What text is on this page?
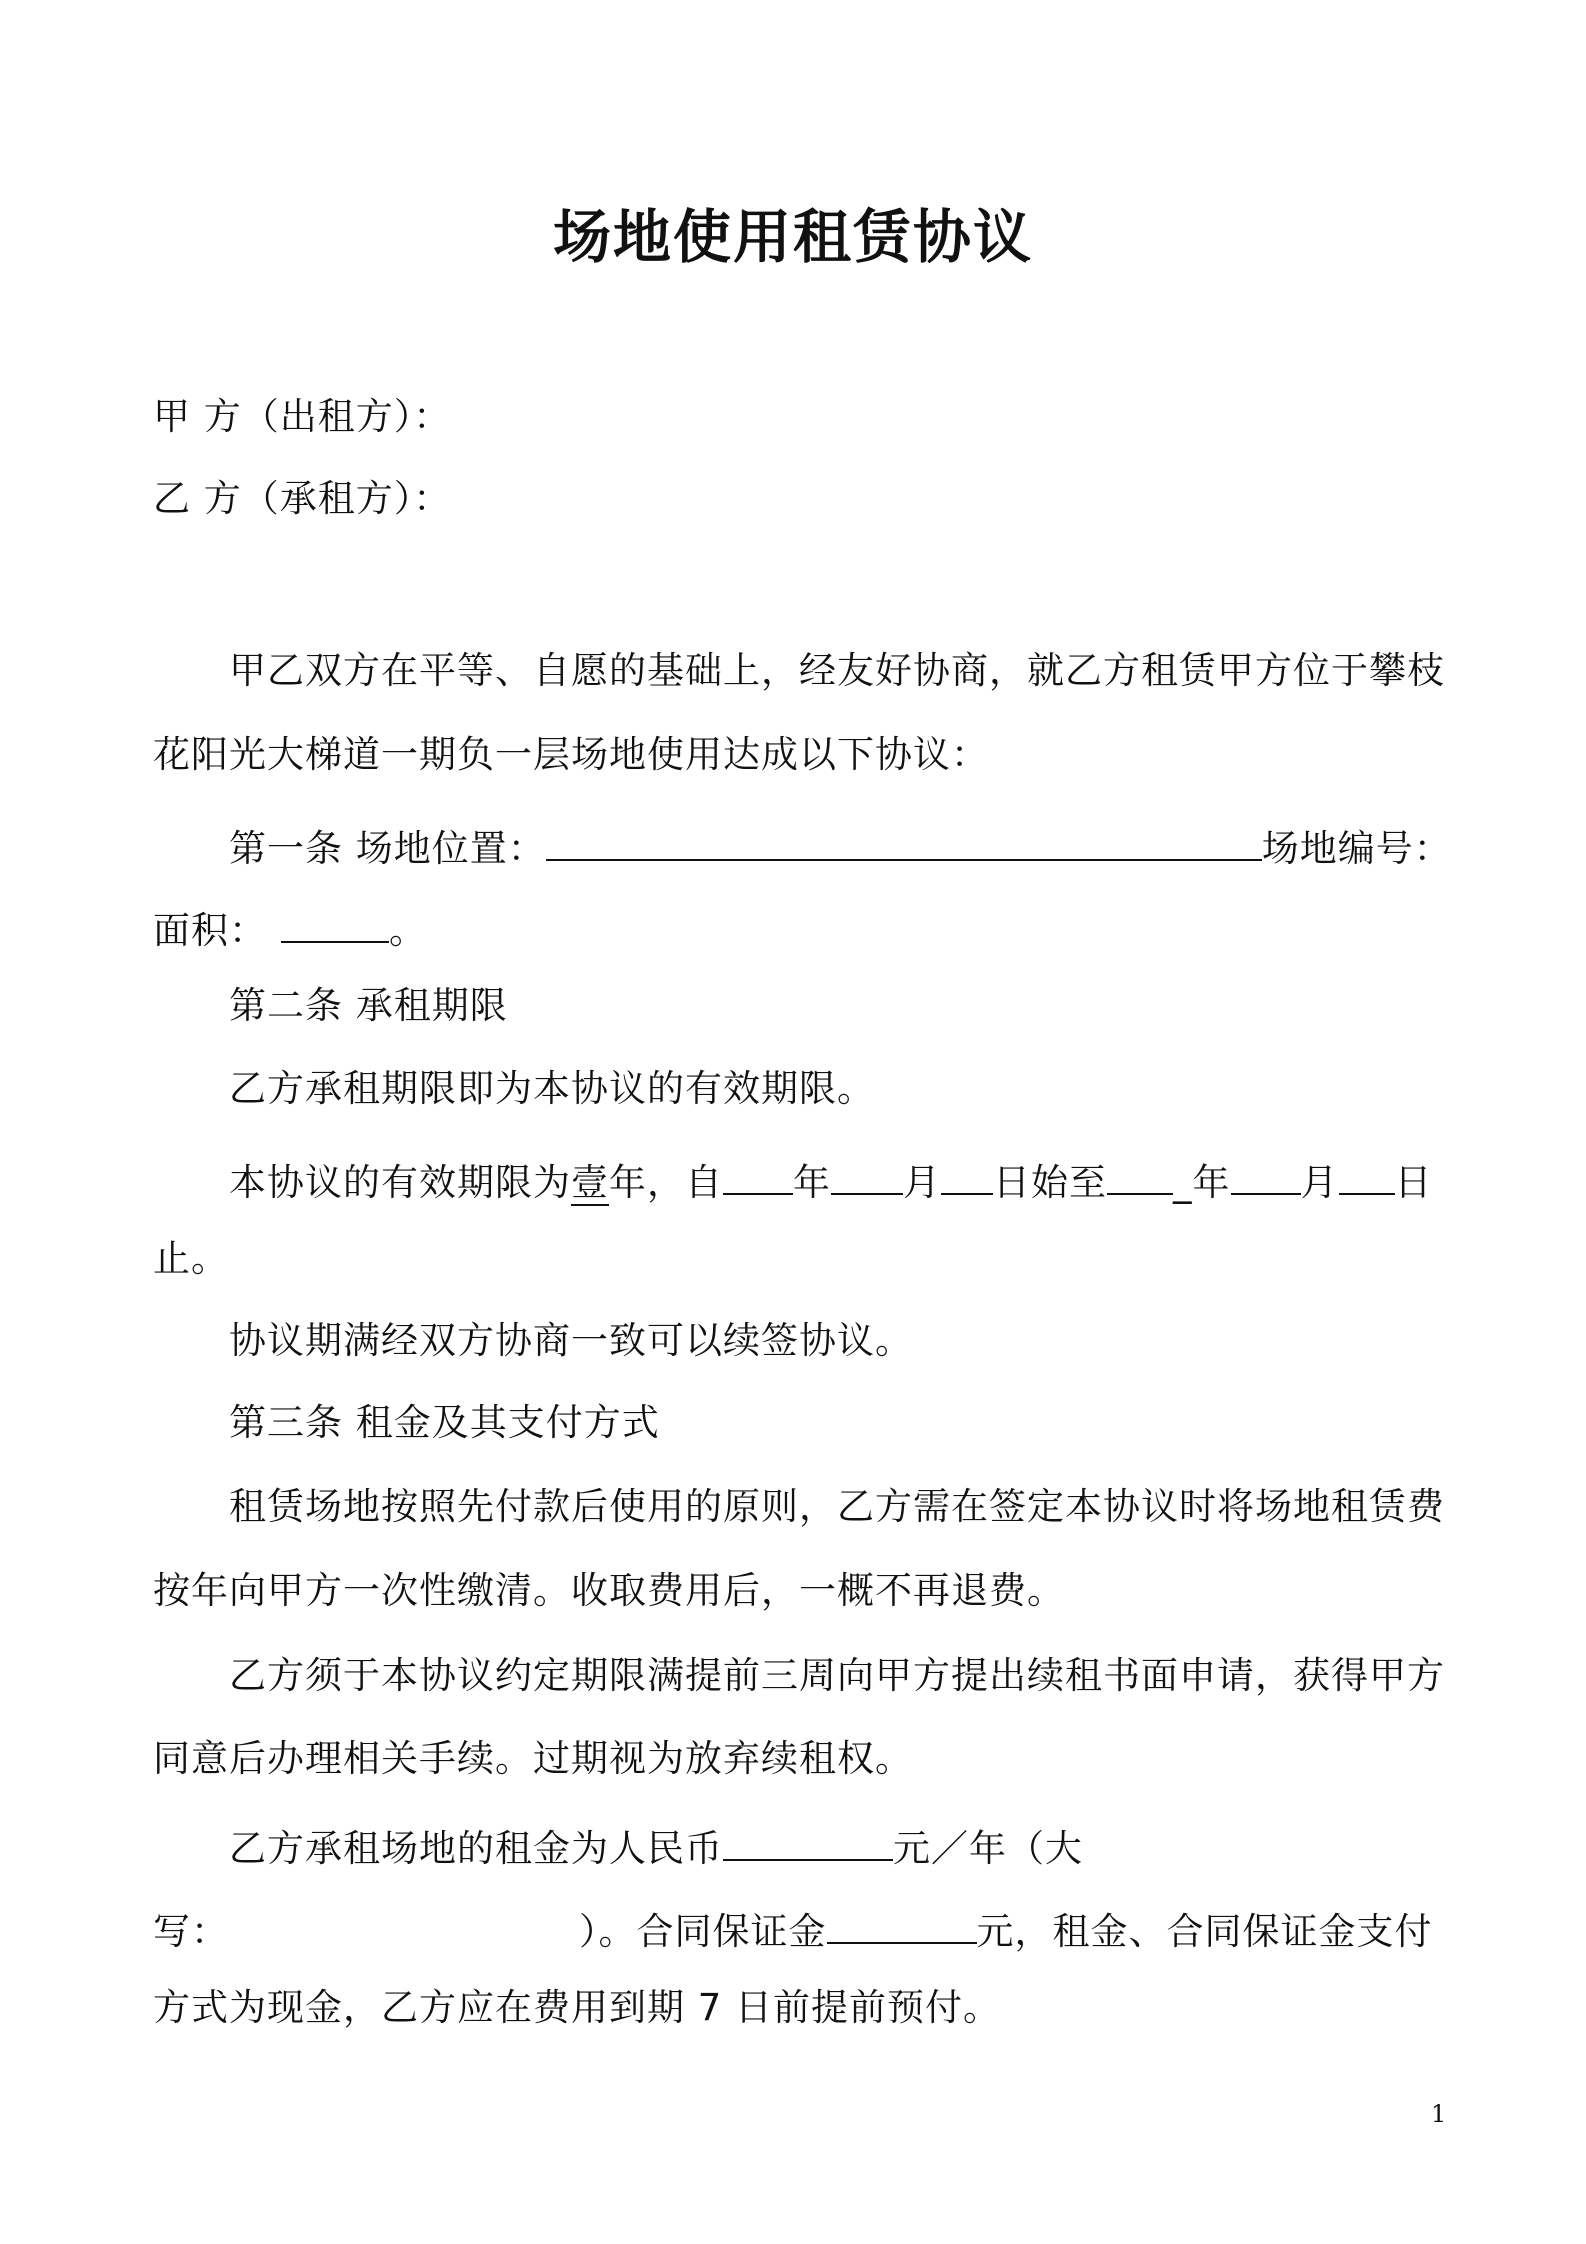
场地使用租赁协议
甲 方（出租方）：
乙 方（承租方）：
甲乙双方在平等、自愿的基础上，经友好协商，就乙方租赁甲方位于攀枝
花阳光大梯道一期负一层场地使用达成以下协议：
第一条 场地位置：	场地编号：
面积：	。
第二条 承租期限
乙方承租期限即为本协议的有效期限。
本协议的有效期限为壹年，自 年 月 日始至 _年 月 日
止。
协议期满经双方协商一致可以续签协议。
第三条 租金及其支付方式
租赁场地按照先付款后使用的原则，乙方需在签定本协议时将场地租赁费
按年向甲方一次性缴清。收取费用后，一概不再退费。
乙方须于本协议约定期限满提前三周向甲方提出续租书面申请，获得甲方
同意后办理相关手续。过期视为放弃续租权。
乙方承租场地的租金为人民币	元／年（大
写：	）。合同保证金	元，租金、合同保证金支付
方式为现金，乙方应在费用到期 7 日前提前预付。
1
